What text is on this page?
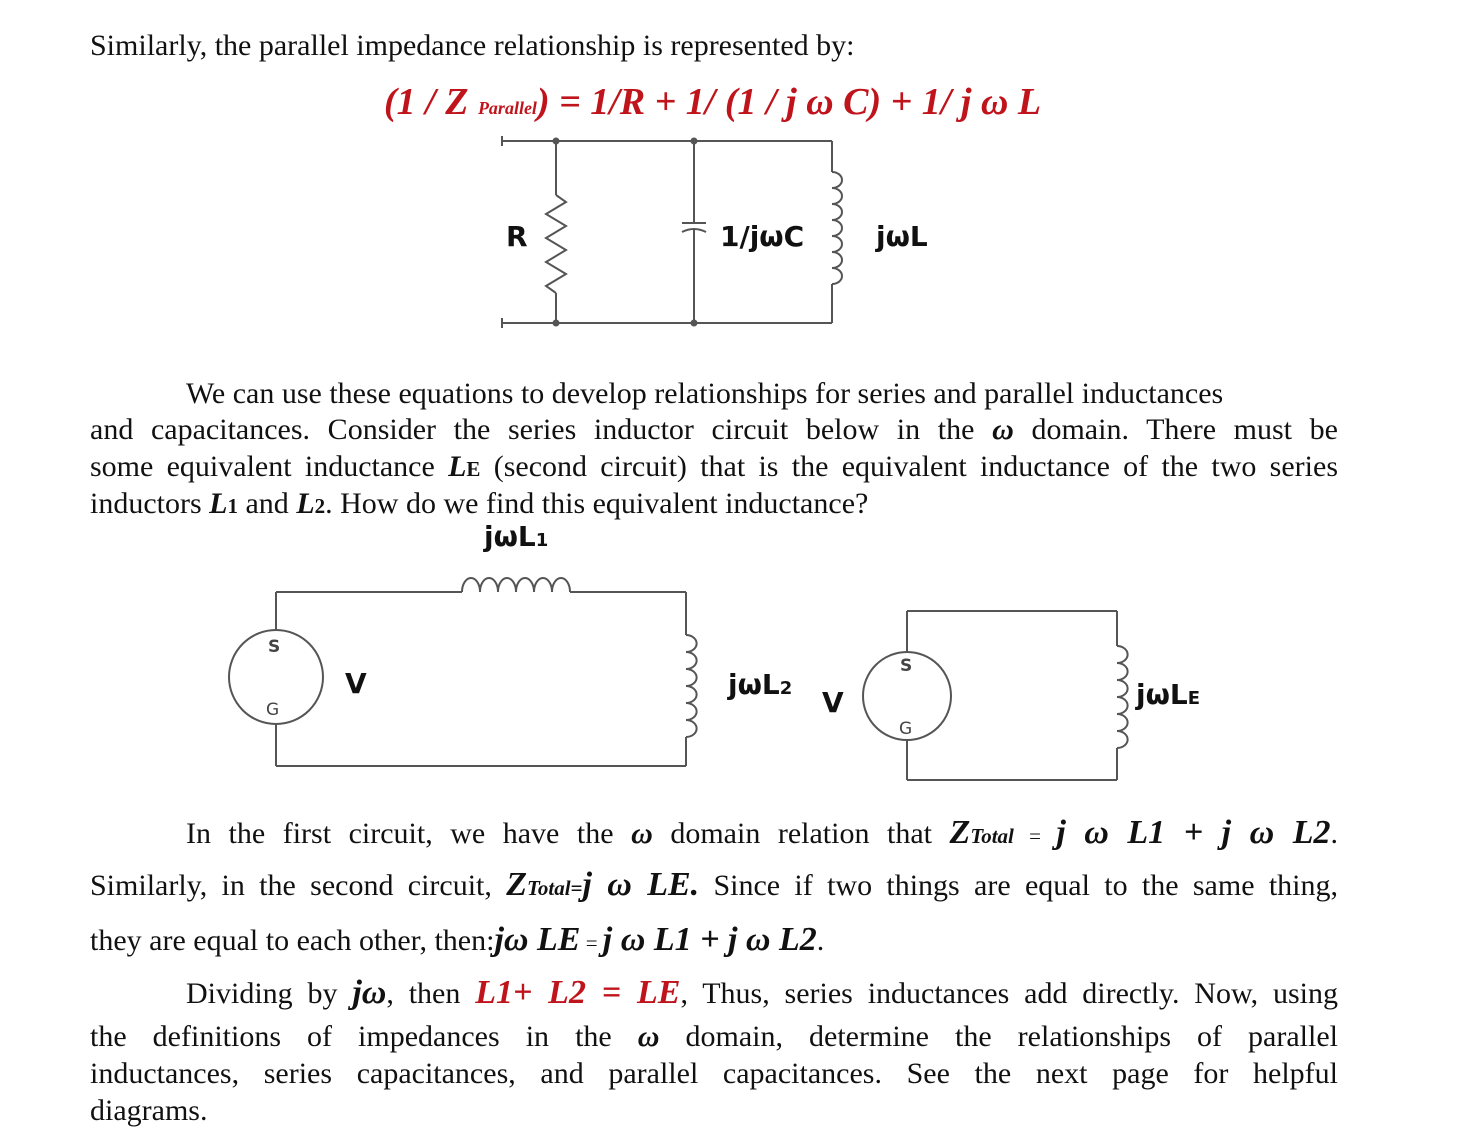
Similarly, the parallel impedance relationship is represented by:
(1 / Z Parallel) = 1/R + 1/ (1 / j ω C) + 1/ j ω L
R	1/jωC	jωL
We can use these equations to develop relationships for series and parallel inductances
and capacitances. Consider the series inductor circuit below in the ω domain. There must be
some equivalent inductance LE (second circuit) that is the equivalent inductance of the two series
inductors L1 and L2. How do we find this equivalent inductance?
jωL1
jωL2
S
G
V
S
G
V	jωLE
In the first circuit, we have the ω domain relation that ZTotal = j ω L1 + j ω L2.
Similarly, in the second circuit, ZTotal=j ω LE. Since if two things are equal to the same thing,
they are equal to each other, then:jω LE = j ω L1 + j ω L2.
Dividing by jω, then L1+ L2 = LE, Thus, series inductances add directly. Now, using
the definitions of impedances in the ω domain, determine the relationships of parallel
inductances, series capacitances, and parallel capacitances. See the next page for helpful
diagrams.
